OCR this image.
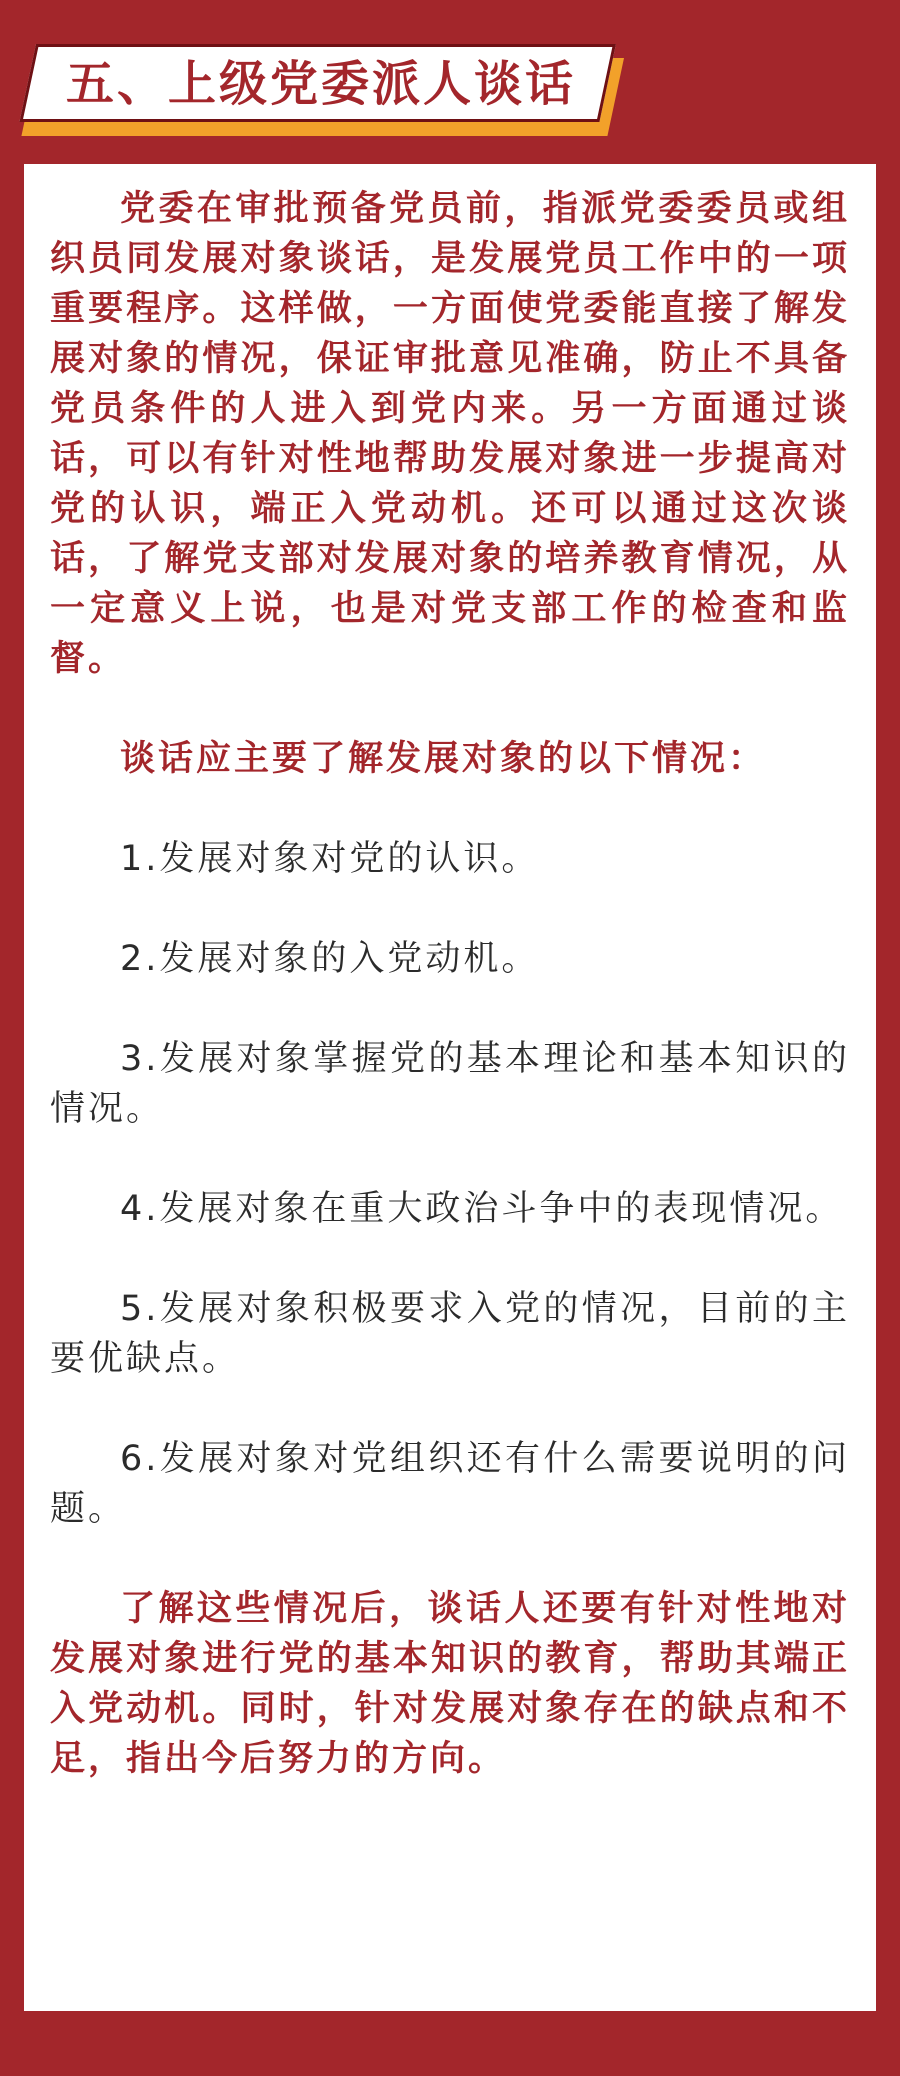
五、上级党委派人谈话

党委在审批预备党员前，指派党委委员或组织员同发展对象谈话，是发展党员工作中的一项重要程序。这样做，一方面使党委能直接了解发展对象的情况，保证审批意见准确，防止不具备党员条件的人进入到党内来。另一方面通过谈话，可以有针对性地帮助发展对象进一步提高对党的认识，端正入党动机。还可以通过这次谈话，了解党支部对发展对象的培养教育情况，从一定意义上说，也是对党支部工作的检查和监督。

谈话应主要了解发展对象的以下情况：

1.发展对象对党的认识。

2.发展对象的入党动机。

3.发展对象掌握党的基本理论和基本知识的情况。

4.发展对象在重大政治斗争中的表现情况。

5.发展对象积极要求入党的情况，目前的主要优缺点。

6.发展对象对党组织还有什么需要说明的问题。

了解这些情况后，谈话人还要有针对性地对发展对象进行党的基本知识的教育，帮助其端正入党动机。同时，针对发展对象存在的缺点和不足，指出今后努力的方向。
